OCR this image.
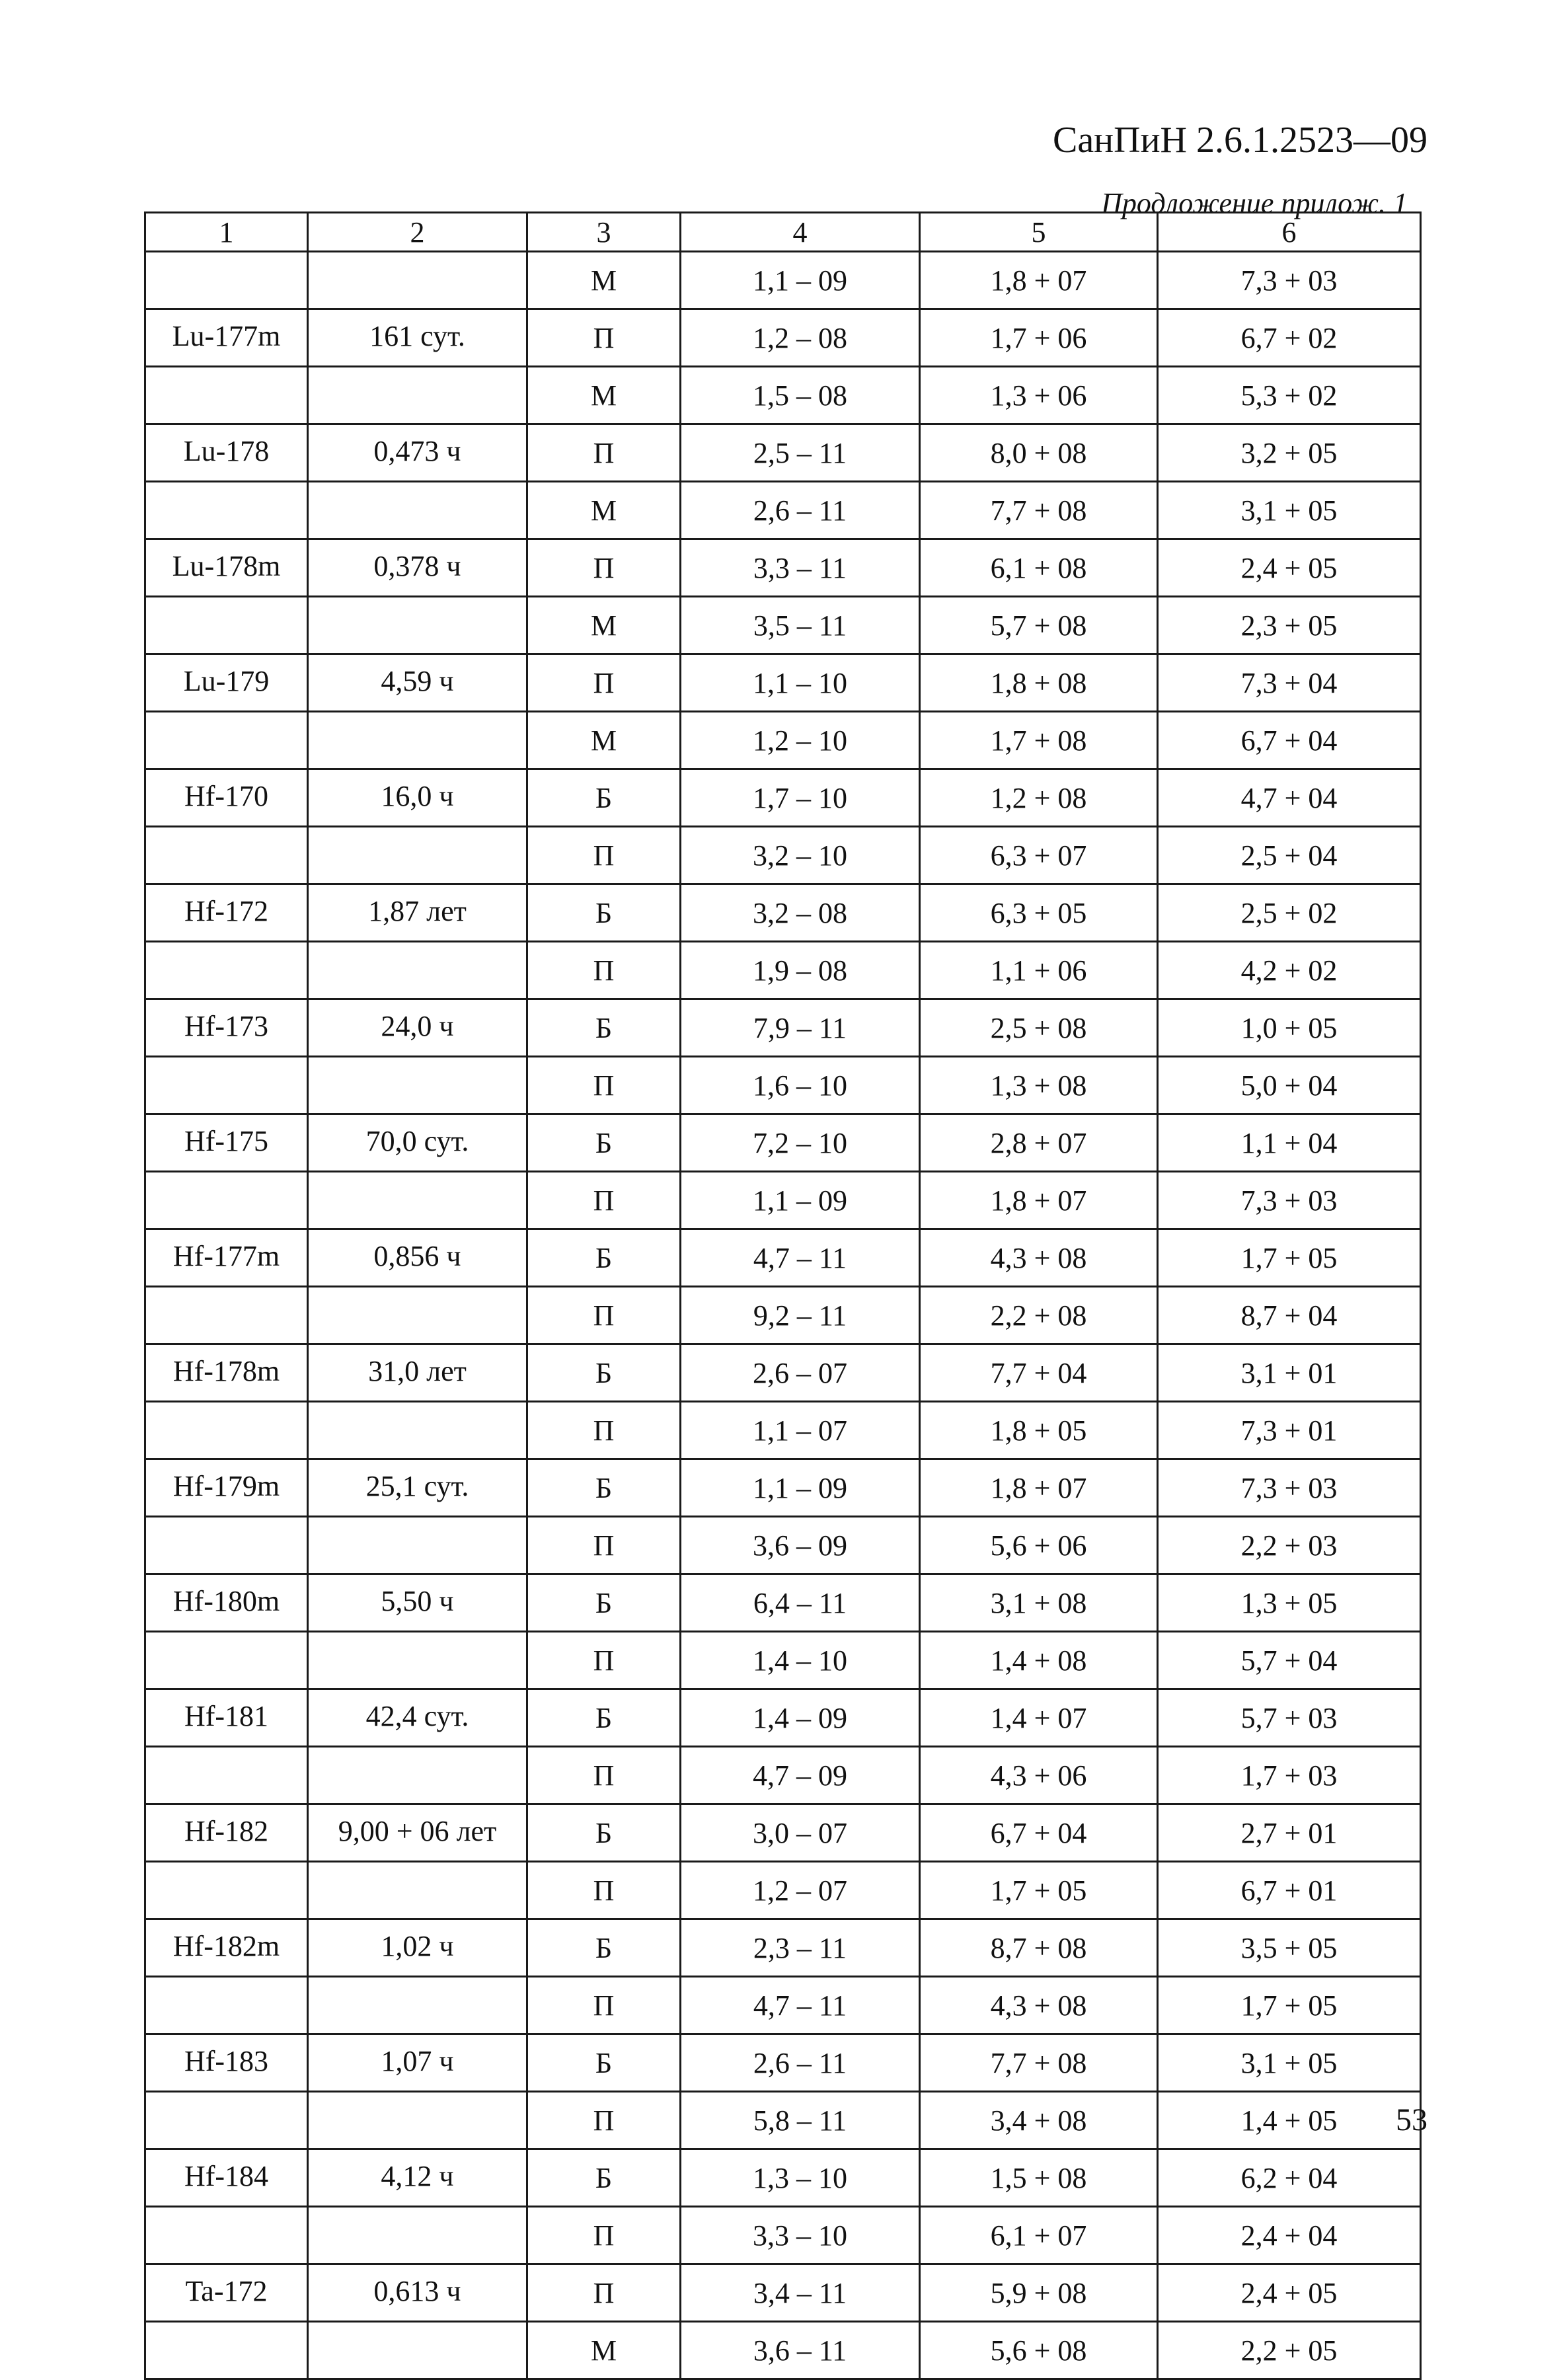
СанПиН 2.6.1.2523—09
Продложение прилож. 1
1	2	3	4	5	6
		М	1,1 – 09	1,8 + 07	7,3 + 03
Lu-177m	161 сут.	П	1,2 – 08	1,7 + 06	6,7 + 02
		М	1,5 – 08	1,3 + 06	5,3 + 02
Lu-178	0,473 ч	П	2,5 – 11	8,0 + 08	3,2 + 05
		М	2,6 – 11	7,7 + 08	3,1 + 05
Lu-178m	0,378 ч	П	3,3 – 11	6,1 + 08	2,4 + 05
		М	3,5 – 11	5,7 + 08	2,3 + 05
Lu-179	4,59 ч	П	1,1 – 10	1,8 + 08	7,3 + 04
		М	1,2 – 10	1,7 + 08	6,7 + 04
Hf-170	16,0 ч	Б	1,7 – 10	1,2 + 08	4,7 + 04
		П	3,2 – 10	6,3 + 07	2,5 + 04
Hf-172	1,87 лет	Б	3,2 – 08	6,3 + 05	2,5 + 02
		П	1,9 – 08	1,1 + 06	4,2 + 02
Hf-173	24,0 ч	Б	7,9 – 11	2,5 + 08	1,0 + 05
		П	1,6 – 10	1,3 + 08	5,0 + 04
Hf-175	70,0 сут.	Б	7,2 – 10	2,8 + 07	1,1 + 04
		П	1,1 – 09	1,8 + 07	7,3 + 03
Hf-177m	0,856 ч	Б	4,7 – 11	4,3 + 08	1,7 + 05
		П	9,2 – 11	2,2 + 08	8,7 + 04
Hf-178m	31,0 лет	Б	2,6 – 07	7,7 + 04	3,1 + 01
		П	1,1 – 07	1,8 + 05	7,3 + 01
Hf-179m	25,1 сут.	Б	1,1 – 09	1,8 + 07	7,3 + 03
		П	3,6 – 09	5,6 + 06	2,2 + 03
Hf-180m	5,50 ч	Б	6,4 – 11	3,1 + 08	1,3 + 05
		П	1,4 – 10	1,4 + 08	5,7 + 04
Hf-181	42,4 сут.	Б	1,4 – 09	1,4 + 07	5,7 + 03
		П	4,7 – 09	4,3 + 06	1,7 + 03
Hf-182	9,00 + 06 лет	Б	3,0 – 07	6,7 + 04	2,7 + 01
		П	1,2 – 07	1,7 + 05	6,7 + 01
Hf-182m	1,02 ч	Б	2,3 – 11	8,7 + 08	3,5 + 05
		П	4,7 – 11	4,3 + 08	1,7 + 05
Hf-183	1,07 ч	Б	2,6 – 11	7,7 + 08	3,1 + 05
		П	5,8 – 11	3,4 + 08	1,4 + 05
Hf-184	4,12 ч	Б	1,3 – 10	1,5 + 08	6,2 + 04
		П	3,3 – 10	6,1 + 07	2,4 + 04
Ta-172	0,613 ч	П	3,4 – 11	5,9 + 08	2,4 + 05
		М	3,6 – 11	5,6 + 08	2,2 + 05
53
